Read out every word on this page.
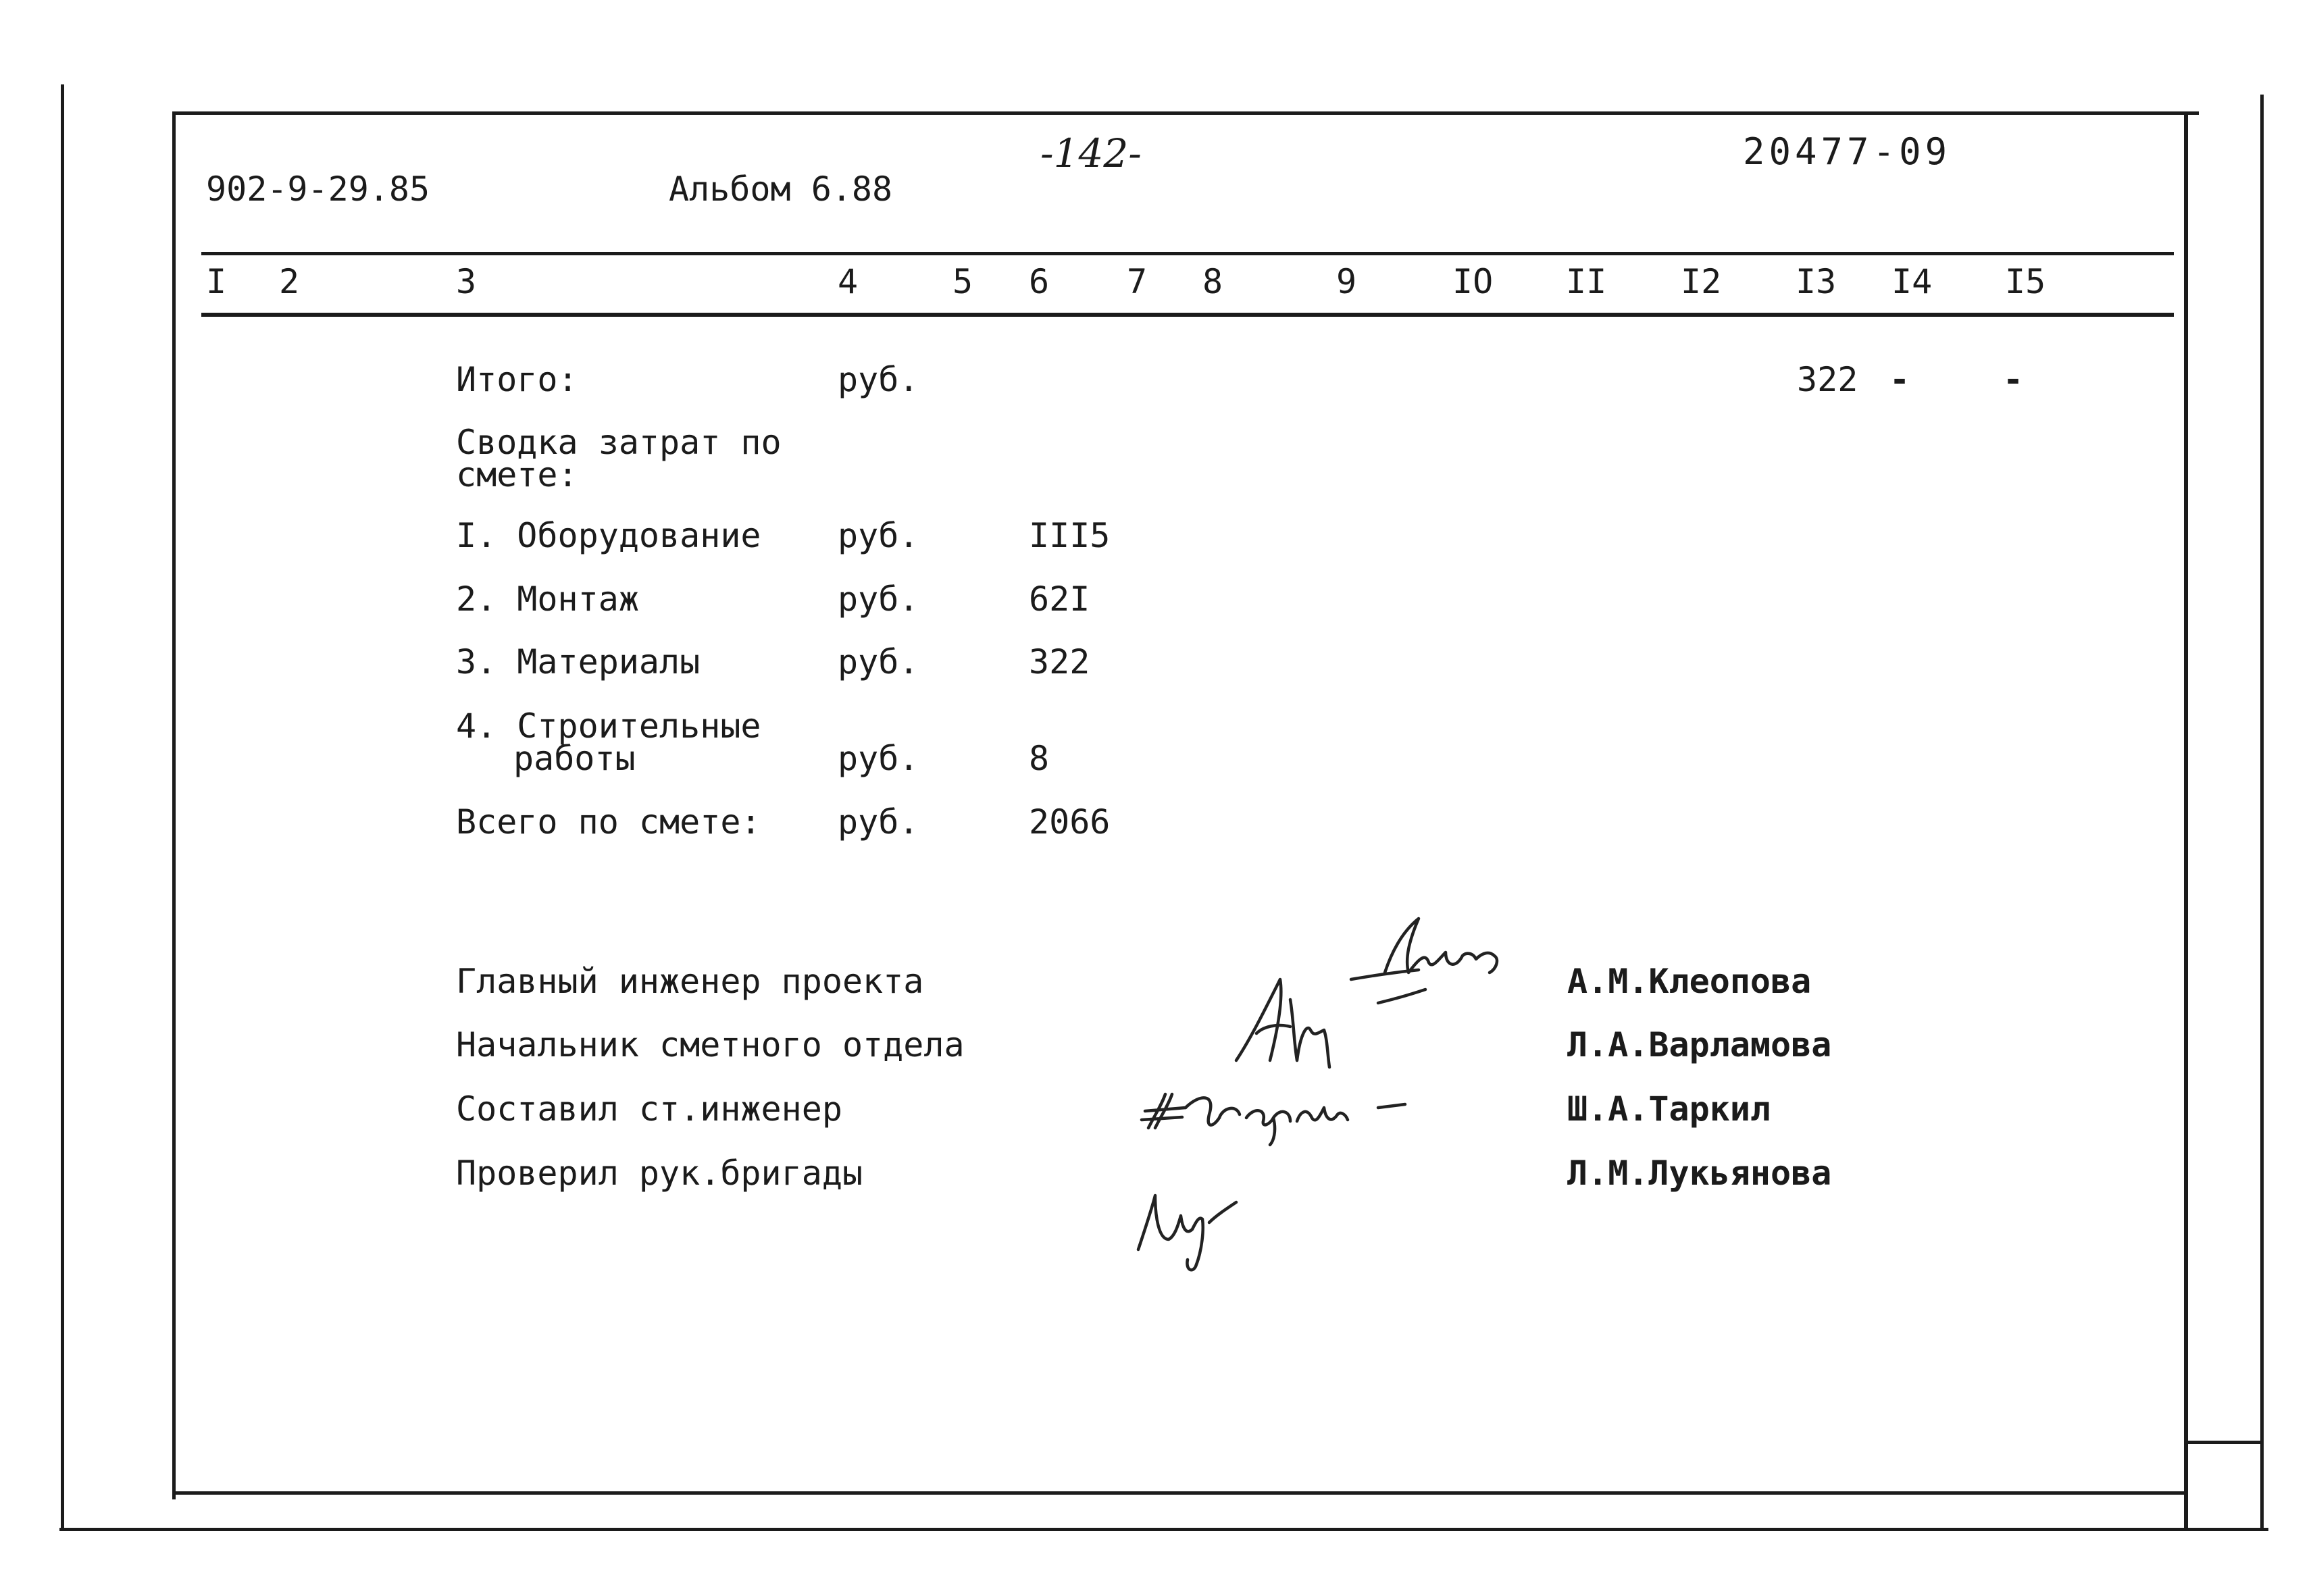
902-9-29.85	Альбом 6.88
-142-	20477-09
I 2	3	4	5 6 7 8	9	IO II I2 I3 I4 I5
Итого:	руб.	322 -	-
Сводка затрат по
смете:
I. Оборудование руб.	III5
2. Монтаж	руб.	62I
3. Материалы	руб.	322
4. Строительные
работы	руб.	8
Всего по смете: руб.	2066
Главный инженер проекта	А.М.Клеопова
Начальник сметного отдела	Л.А.Варламова
Составил ст.инженер	Ш.А.Таркил
Проверил рук.бригады	Л.М.Лукьянова
